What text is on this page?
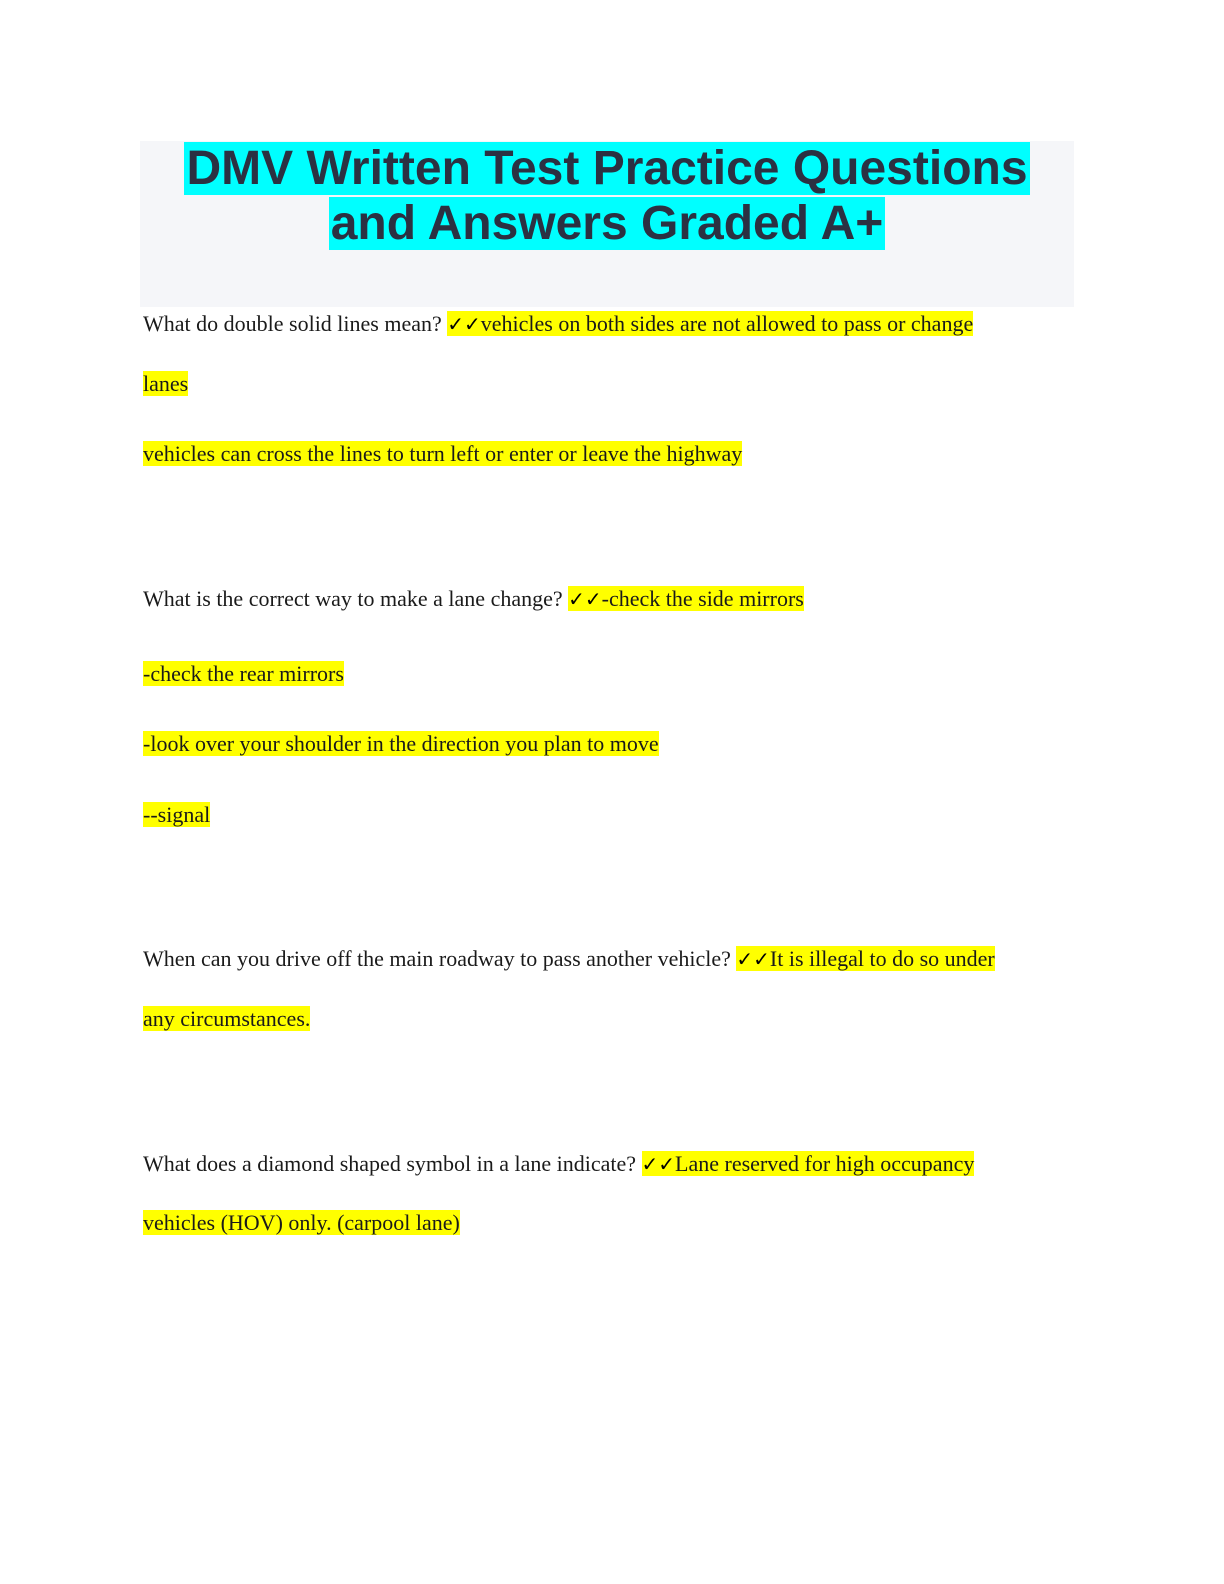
DMV Written Test Practice Questions
and Answers Graded A+
What do double solid lines mean? ✓✓vehicles on both sides are not allowed to pass or change
lanes
vehicles can cross the lines to turn left or enter or leave the highway
What is the correct way to make a lane change? ✓✓-check the side mirrors
-check the rear mirrors
-look over your shoulder in the direction you plan to move
--signal
When can you drive off the main roadway to pass another vehicle? ✓✓It is illegal to do so under
any circumstances.
What does a diamond shaped symbol in a lane indicate? ✓✓Lane reserved for high occupancy
vehicles (HOV) only. (carpool lane)
